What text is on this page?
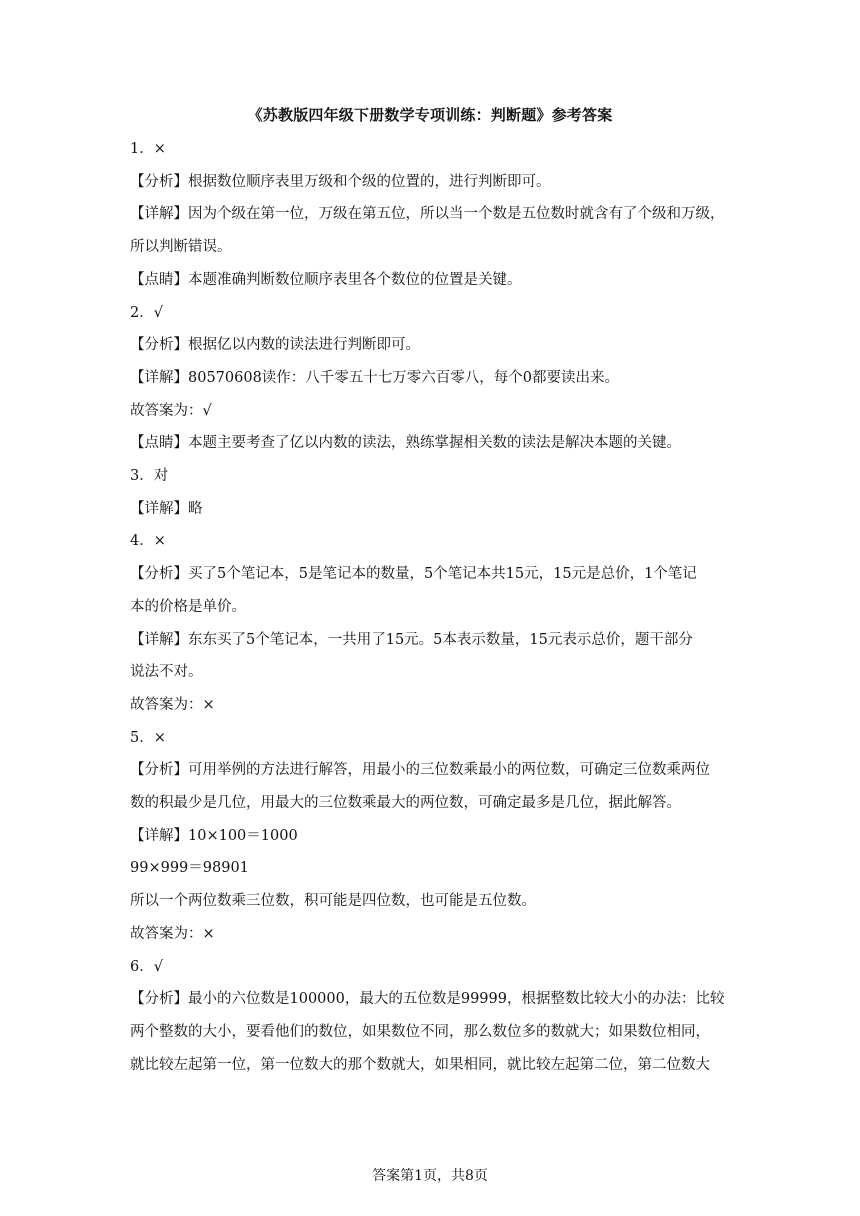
《苏教版四年级下册数学专项训练：判断题》参考答案

1．×

【分析】根据数位顺序表里万级和个级的位置的，进行判断即可。

【详解】因为个级在第一位，万级在第五位，所以当一个数是五位数时就含有了个级和万级，

所以判断错误。

【点睛】本题准确判断数位顺序表里各个数位的位置是关键。

2．√

【分析】根据亿以内数的读法进行判断即可。

【详解】80570608读作：八千零五十七万零六百零八，每个0都要读出来。

故答案为：√

【点睛】本题主要考查了亿以内数的读法，熟练掌握相关数的读法是解决本题的关键。

3．对

【详解】略

4．×

【分析】买了5个笔记本，5是笔记本的数量，5个笔记本共15元，15元是总价，1个笔记

本的价格是单价。

【详解】东东买了5个笔记本，一共用了15元。5本表示数量，15元表示总价，题干部分

说法不对。

故答案为：×

5．×

【分析】可用举例的方法进行解答，用最小的三位数乘最小的两位数，可确定三位数乘两位

数的积最少是几位，用最大的三位数乘最大的两位数，可确定最多是几位，据此解答。

【详解】10×100＝1000

99×999＝98901

所以一个两位数乘三位数，积可能是四位数，也可能是五位数。

故答案为：×

6．√

【分析】最小的六位数是100000，最大的五位数是99999，根据整数比较大小的办法：比较

两个整数的大小，要看他们的数位，如果数位不同，那么数位多的数就大；如果数位相同，

就比较左起第一位，第一位数大的那个数就大，如果相同，就比较左起第二位，第二位数大

答案第1页，共8页
